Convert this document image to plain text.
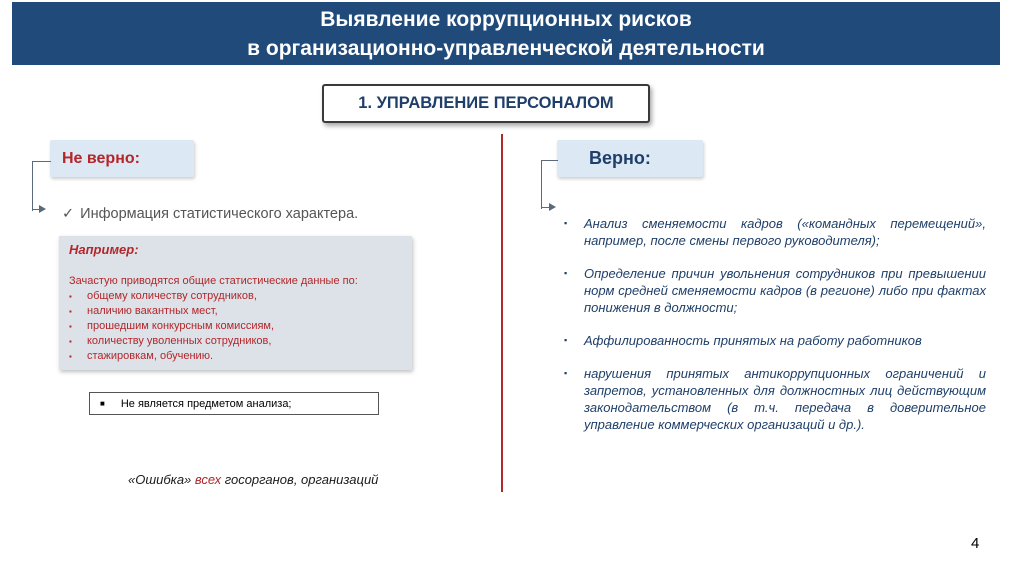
Выявление коррупционных рисков
в организационно-управленческой деятельности
1. УПРАВЛЕНИЕ ПЕРСОНАЛОМ
Не верно:
✓ Информация статистического характера.
Например:
Зачастую приводятся общие статистические данные по:
▪ общему количеству сотрудников,
▪ наличию вакантных мест,
▪ прошедшим конкурсным комиссиям,
▪ количеству уволенных сотрудников,
▪ стажировкам, обучению.
■ Не является предметом анализа;
«Ошибка» всех госорганов, организаций
Верно:
▪ Анализ сменяемости кадров («командных перемещений», например, после смены первого руководителя);
▪ Определение причин увольнения сотрудников при превышении норм средней сменяемости кадров (в регионе) либо при фактах понижения в должности;
▪ Аффилированность принятых на работу работников
▪ нарушения принятых антикоррупционных ограничений и запретов, установленных для должностных лиц действующим законодательством (в т.ч. передача в доверительное управление коммерческих организаций и др.).
4
